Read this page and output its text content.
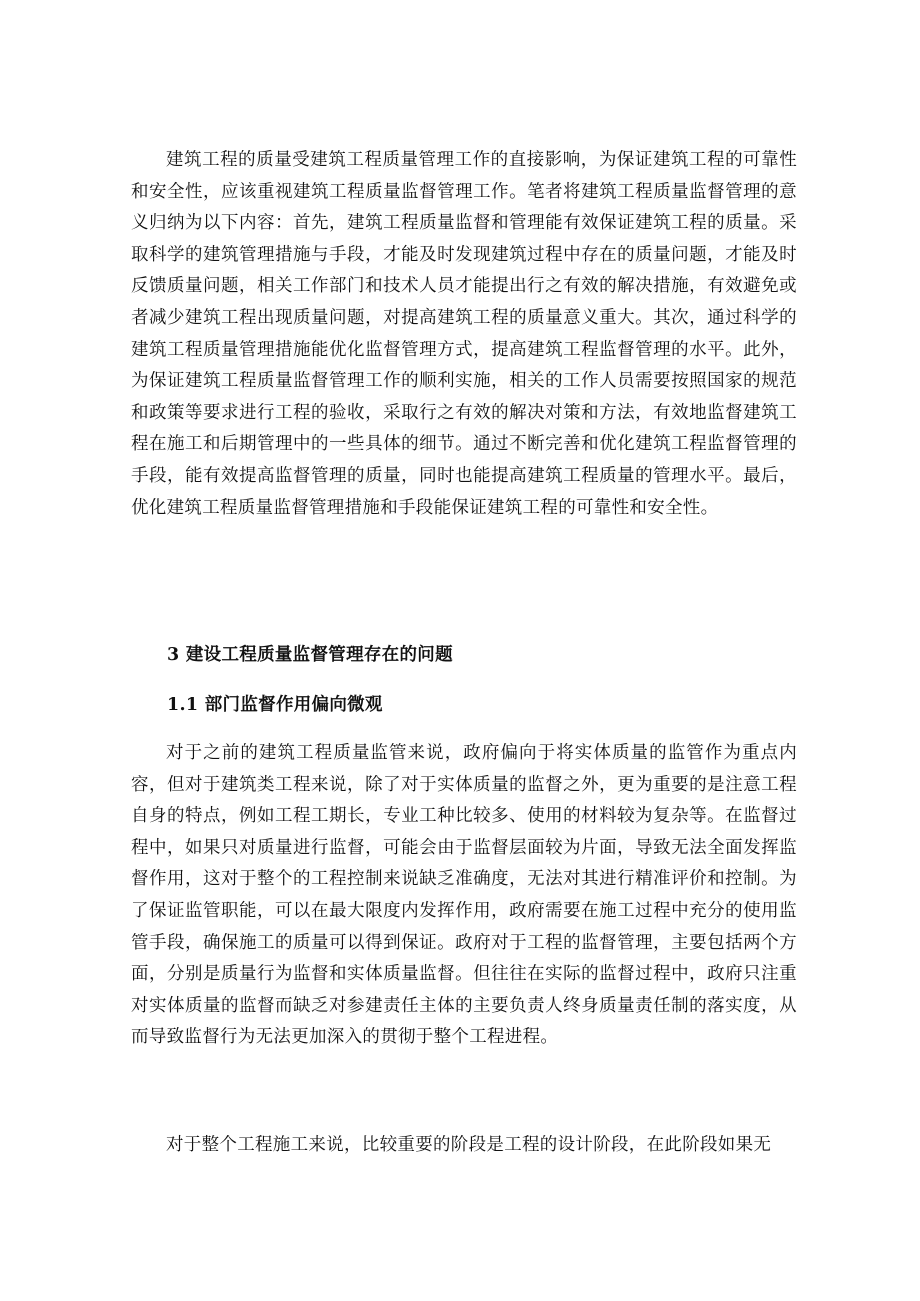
建筑工程的质量受建筑工程质量管理工作的直接影响，为保证建筑工程的可靠性和安全性，应该重视建筑工程质量监督管理工作。笔者将建筑工程质量监督管理的意义归纳为以下内容：首先，建筑工程质量监督和管理能有效保证建筑工程的质量。采取科学的建筑管理措施与手段，才能及时发现建筑过程中存在的质量问题，才能及时反馈质量问题，相关工作部门和技术人员才能提出行之有效的解决措施，有效避免或者减少建筑工程出现质量问题，对提高建筑工程的质量意义重大。其次，通过科学的建筑工程质量管理措施能优化监督管理方式，提高建筑工程监督管理的水平。此外，为保证建筑工程质量监督管理工作的顺利实施，相关的工作人员需要按照国家的规范和政策等要求进行工程的验收，采取行之有效的解决对策和方法，有效地监督建筑工程在施工和后期管理中的一些具体的细节。通过不断完善和优化建筑工程监督管理的手段，能有效提高监督管理的质量，同时也能提高建筑工程质量的管理水平。最后，优化建筑工程质量监督管理措施和手段能保证建筑工程的可靠性和安全性。

3 建设工程质量监督管理存在的问题
1.1 部门监督作用偏向微观

对于之前的建筑工程质量监管来说，政府偏向于将实体质量的监管作为重点内容，但对于建筑类工程来说，除了对于实体质量的监督之外，更为重要的是注意工程自身的特点，例如工程工期长，专业工种比较多、使用的材料较为复杂等。在监督过程中，如果只对质量进行监督，可能会由于监督层面较为片面，导致无法全面发挥监督作用，这对于整个的工程控制来说缺乏准确度，无法对其进行精准评价和控制。为了保证监管职能，可以在最大限度内发挥作用，政府需要在施工过程中充分的使用监管手段，确保施工的质量可以得到保证。政府对于工程的监督管理，主要包括两个方面，分别是质量行为监督和实体质量监督。但往往在实际的监督过程中，政府只注重对实体质量的监督而缺乏对参建责任主体的主要负责人终身质量责任制的落实度，从而导致监督行为无法更加深入的贯彻于整个工程进程。

对于整个工程施工来说，比较重要的阶段是工程的设计阶段，在此阶段如果无
